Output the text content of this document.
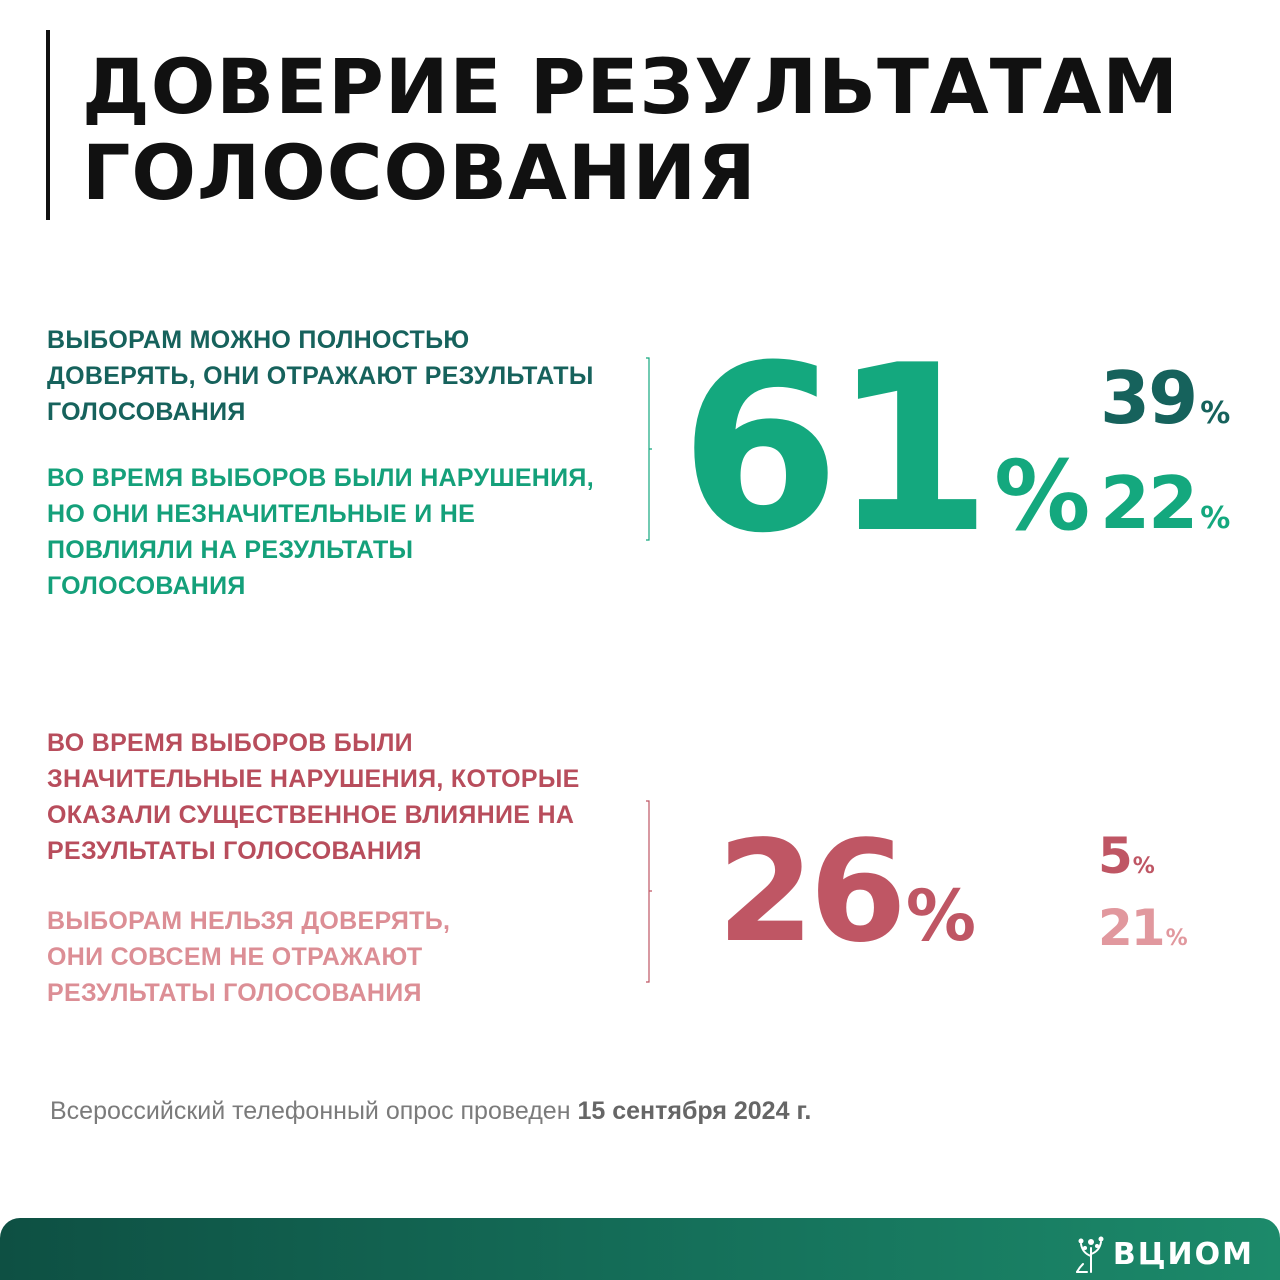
ДОВЕРИЕ РЕЗУЛЬТАТАМ
ГОЛОСОВАНИЯ
ВЫБОРАМ МОЖНО ПОЛНОСТЬЮ
ДОВЕРЯТЬ, ОНИ ОТРАЖАЮТ РЕЗУЛЬТАТЫ
ГОЛОСОВАНИЯ
ВО ВРЕМЯ ВЫБОРОВ БЫЛИ НАРУШЕНИЯ,
НО ОНИ НЕЗНАЧИТЕЛЬНЫЕ И НЕ
ПОВЛИЯЛИ НА РЕЗУЛЬТАТЫ
ГОЛОСОВАНИЯ
61 %
39 %
22 %
ВО ВРЕМЯ ВЫБОРОВ БЫЛИ
ЗНАЧИТЕЛЬНЫЕ НАРУШЕНИЯ, КОТОРЫЕ
ОКАЗАЛИ СУЩЕСТВЕННОЕ ВЛИЯНИЕ НА
РЕЗУЛЬТАТЫ ГОЛОСОВАНИЯ
ВЫБОРАМ НЕЛЬЗЯ ДОВЕРЯТЬ,
ОНИ СОВСЕМ НЕ ОТРАЖАЮТ
РЕЗУЛЬТАТЫ ГОЛОСОВАНИЯ
26%
5%
21%

Всероссийский телефонный опрос проведен 15 сентября 2024 г.

ВЦИОМ
